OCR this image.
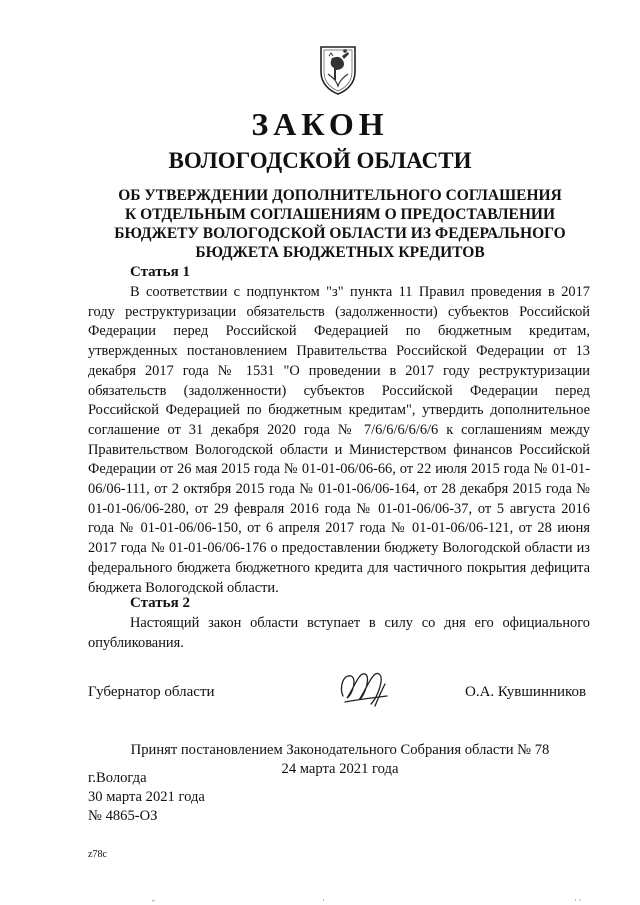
ЗАКОН
ВОЛОГОДСКОЙ ОБЛАСТИ
ОБ УТВЕРЖДЕНИИ ДОПОЛНИТЕЛЬНОГО СОГЛАШЕНИЯ
К ОТДЕЛЬНЫМ СОГЛАШЕНИЯМ О ПРЕДОСТАВЛЕНИИ
БЮДЖЕТУ ВОЛОГОДСКОЙ ОБЛАСТИ ИЗ ФЕДЕРАЛЬНОГО
БЮДЖЕТА БЮДЖЕТНЫХ КРЕДИТОВ
Статья 1
В соответствии с подпунктом "з" пункта 11 Правил проведения в 2017 году реструктуризации обязательств (задолженности) субъектов Российской Федерации перед Российской Федерацией по бюджетным кредитам, утвержденных постановлением Правительства Российской Федерации от 13 декабря 2017 года № 1531 "О проведении в 2017 году реструктуризации обязательств (задолженности) субъектов Российской Федерации перед Российской Федерацией по бюджетным кредитам", утвердить дополнительное соглашение от 31 декабря 2020 года № 7/6/6/6/6/6/6 к соглашениям между Правительством Вологодской области и Министерством финансов Российской Федерации от 26 мая 2015 года № 01-01-06/06-66, от 22 июля 2015 года № 01-01-06/06-111, от 2 октября 2015 года № 01-01-06/06-164, от 28 декабря 2015 года № 01-01-06/06-280, от 29 февраля 2016 года № 01-01-06/06-37, от 5 августа 2016 года № 01-01-06/06-150, от 6 апреля 2017 года № 01-01-06/06-121, от 28 июня 2017 года № 01-01-06/06-176 о предоставлении бюджету Вологодской области из федерального бюджета бюджетного кредита для частичного покрытия дефицита бюджета Вологодской области.
Статья 2
Настоящий закон области вступает в силу со дня его официального опубликования.
Губернатор области	О.А. Кувшинников
Принят постановлением Законодательного Собрания области № 78
24 марта 2021 года
г.Вологда
30 марта 2021 года
№ 4865-ОЗ
z78c
‐	·	· ·
